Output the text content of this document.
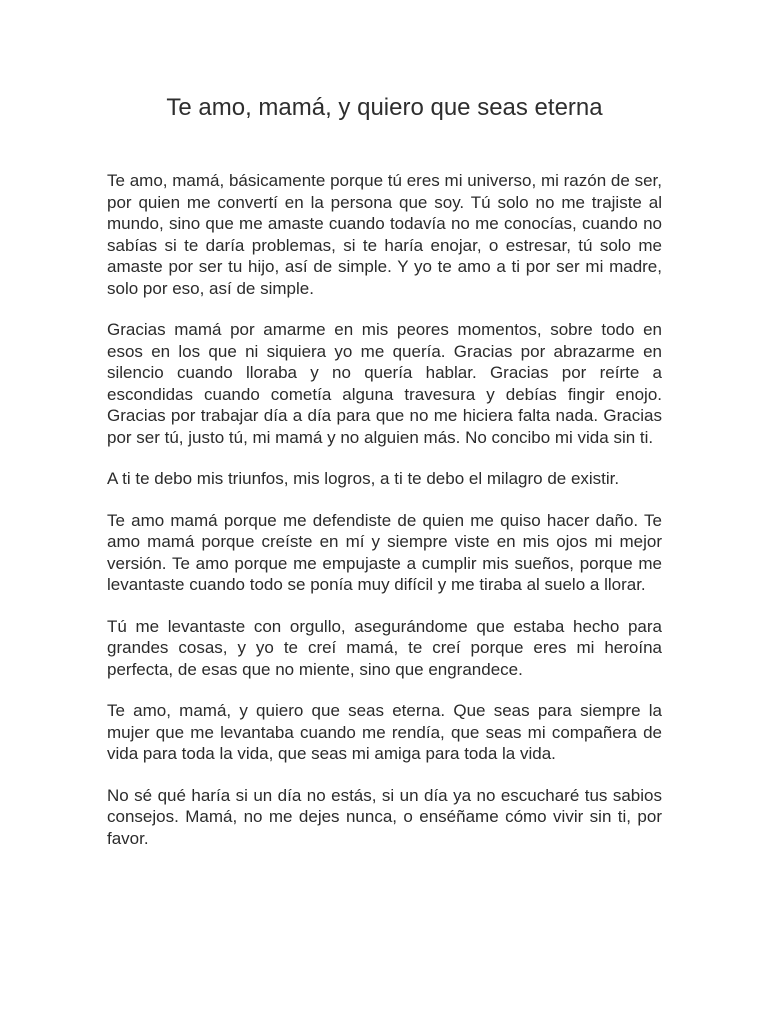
Te amo, mamá, y quiero que seas eterna

Te amo, mamá, básicamente porque tú eres mi universo, mi razón de ser, por quien me convertí en la persona que soy. Tú solo no me trajiste al mundo, sino que me amaste cuando todavía no me conocías, cuando no sabías si te daría problemas, si te haría enojar, o estresar, tú solo me amaste por ser tu hijo, así de simple. Y yo te amo a ti por ser mi madre, solo por eso, así de simple.

Gracias mamá por amarme en mis peores momentos, sobre todo en esos en los que ni siquiera yo me quería. Gracias por abrazarme en silencio cuando lloraba y no quería hablar. Gracias por reírte a escondidas cuando cometía alguna travesura y debías fingir enojo. Gracias por trabajar día a día para que no me hiciera falta nada. Gracias por ser tú, justo tú, mi mamá y no alguien más. No concibo mi vida sin ti.

A ti te debo mis triunfos, mis logros, a ti te debo el milagro de existir.

Te amo mamá porque me defendiste de quien me quiso hacer daño. Te amo mamá porque creíste en mí y siempre viste en mis ojos mi mejor versión. Te amo porque me empujaste a cumplir mis sueños, porque me levantaste cuando todo se ponía muy difícil y me tiraba al suelo a llorar.

Tú me levantaste con orgullo, asegurándome que estaba hecho para grandes cosas, y yo te creí mamá, te creí porque eres mi heroína perfecta, de esas que no miente, sino que engrandece.

Te amo, mamá, y quiero que seas eterna. Que seas para siempre la mujer que me levantaba cuando me rendía, que seas mi compañera de vida para toda la vida, que seas mi amiga para toda la vida.

No sé qué haría si un día no estás, si un día ya no escucharé tus sabios consejos. Mamá, no me dejes nunca, o enséñame cómo vivir sin ti, por favor.
